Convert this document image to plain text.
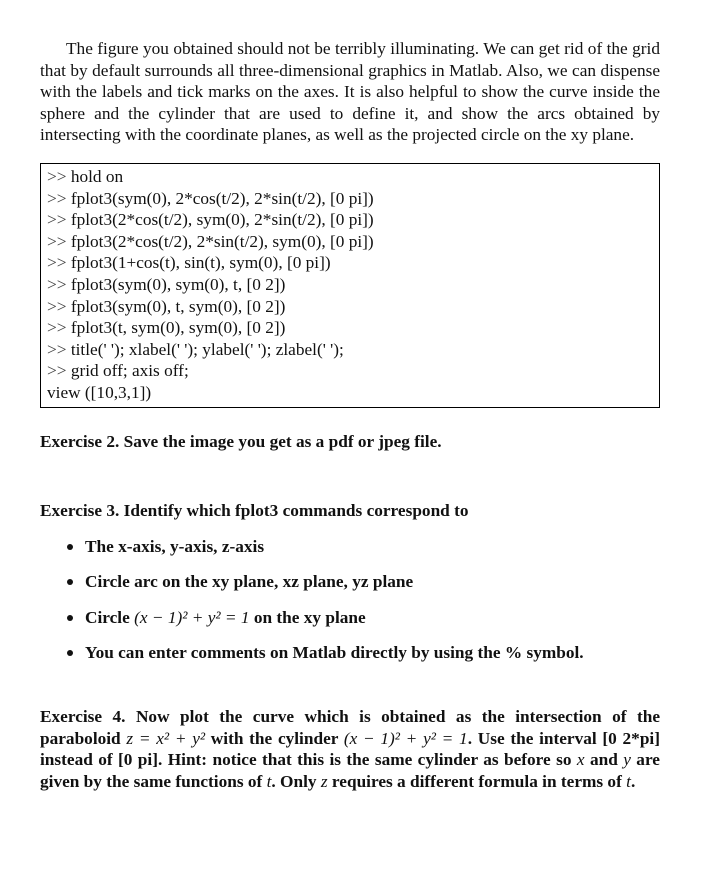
The figure you obtained should not be terribly illuminating. We can get rid of the grid that by default surrounds all three-dimensional graphics in Matlab. Also, we can dispense with the labels and tick marks on the axes. It is also helpful to show the curve inside the sphere and the cylinder that are used to define it, and show the arcs obtained by intersecting with the coordinate planes, as well as the projected circle on the xy plane.

>> hold on
>> fplot3(sym(0), 2*cos(t/2), 2*sin(t/2), [0 pi])
>> fplot3(2*cos(t/2), sym(0), 2*sin(t/2), [0 pi])
>> fplot3(2*cos(t/2), 2*sin(t/2), sym(0), [0 pi])
>> fplot3(1+cos(t), sin(t), sym(0), [0 pi])
>> fplot3(sym(0), sym(0), t, [0 2])
>> fplot3(sym(0), t, sym(0), [0 2])
>> fplot3(t, sym(0), sym(0), [0 2])
>> title(' '); xlabel(' '); ylabel(' '); zlabel(' ');
>> grid off; axis off;
view ([10,3,1])

Exercise 2. Save the image you get as a pdf or jpeg file.

Exercise 3. Identify which fplot3 commands correspond to

The x-axis, y-axis, z-axis
Circle arc on the xy plane, xz plane, yz plane
Circle (x − 1)² + y² = 1 on the xy plane
You can enter comments on Matlab directly by using the % symbol.

Exercise 4. Now plot the curve which is obtained as the intersection of the paraboloid z = x² + y² with the cylinder (x − 1)² + y² = 1. Use the interval [0 2*pi] instead of [0 pi]. Hint: notice that this is the same cylinder as before so x and y are given by the same functions of t. Only z requires a different formula in terms of t.
